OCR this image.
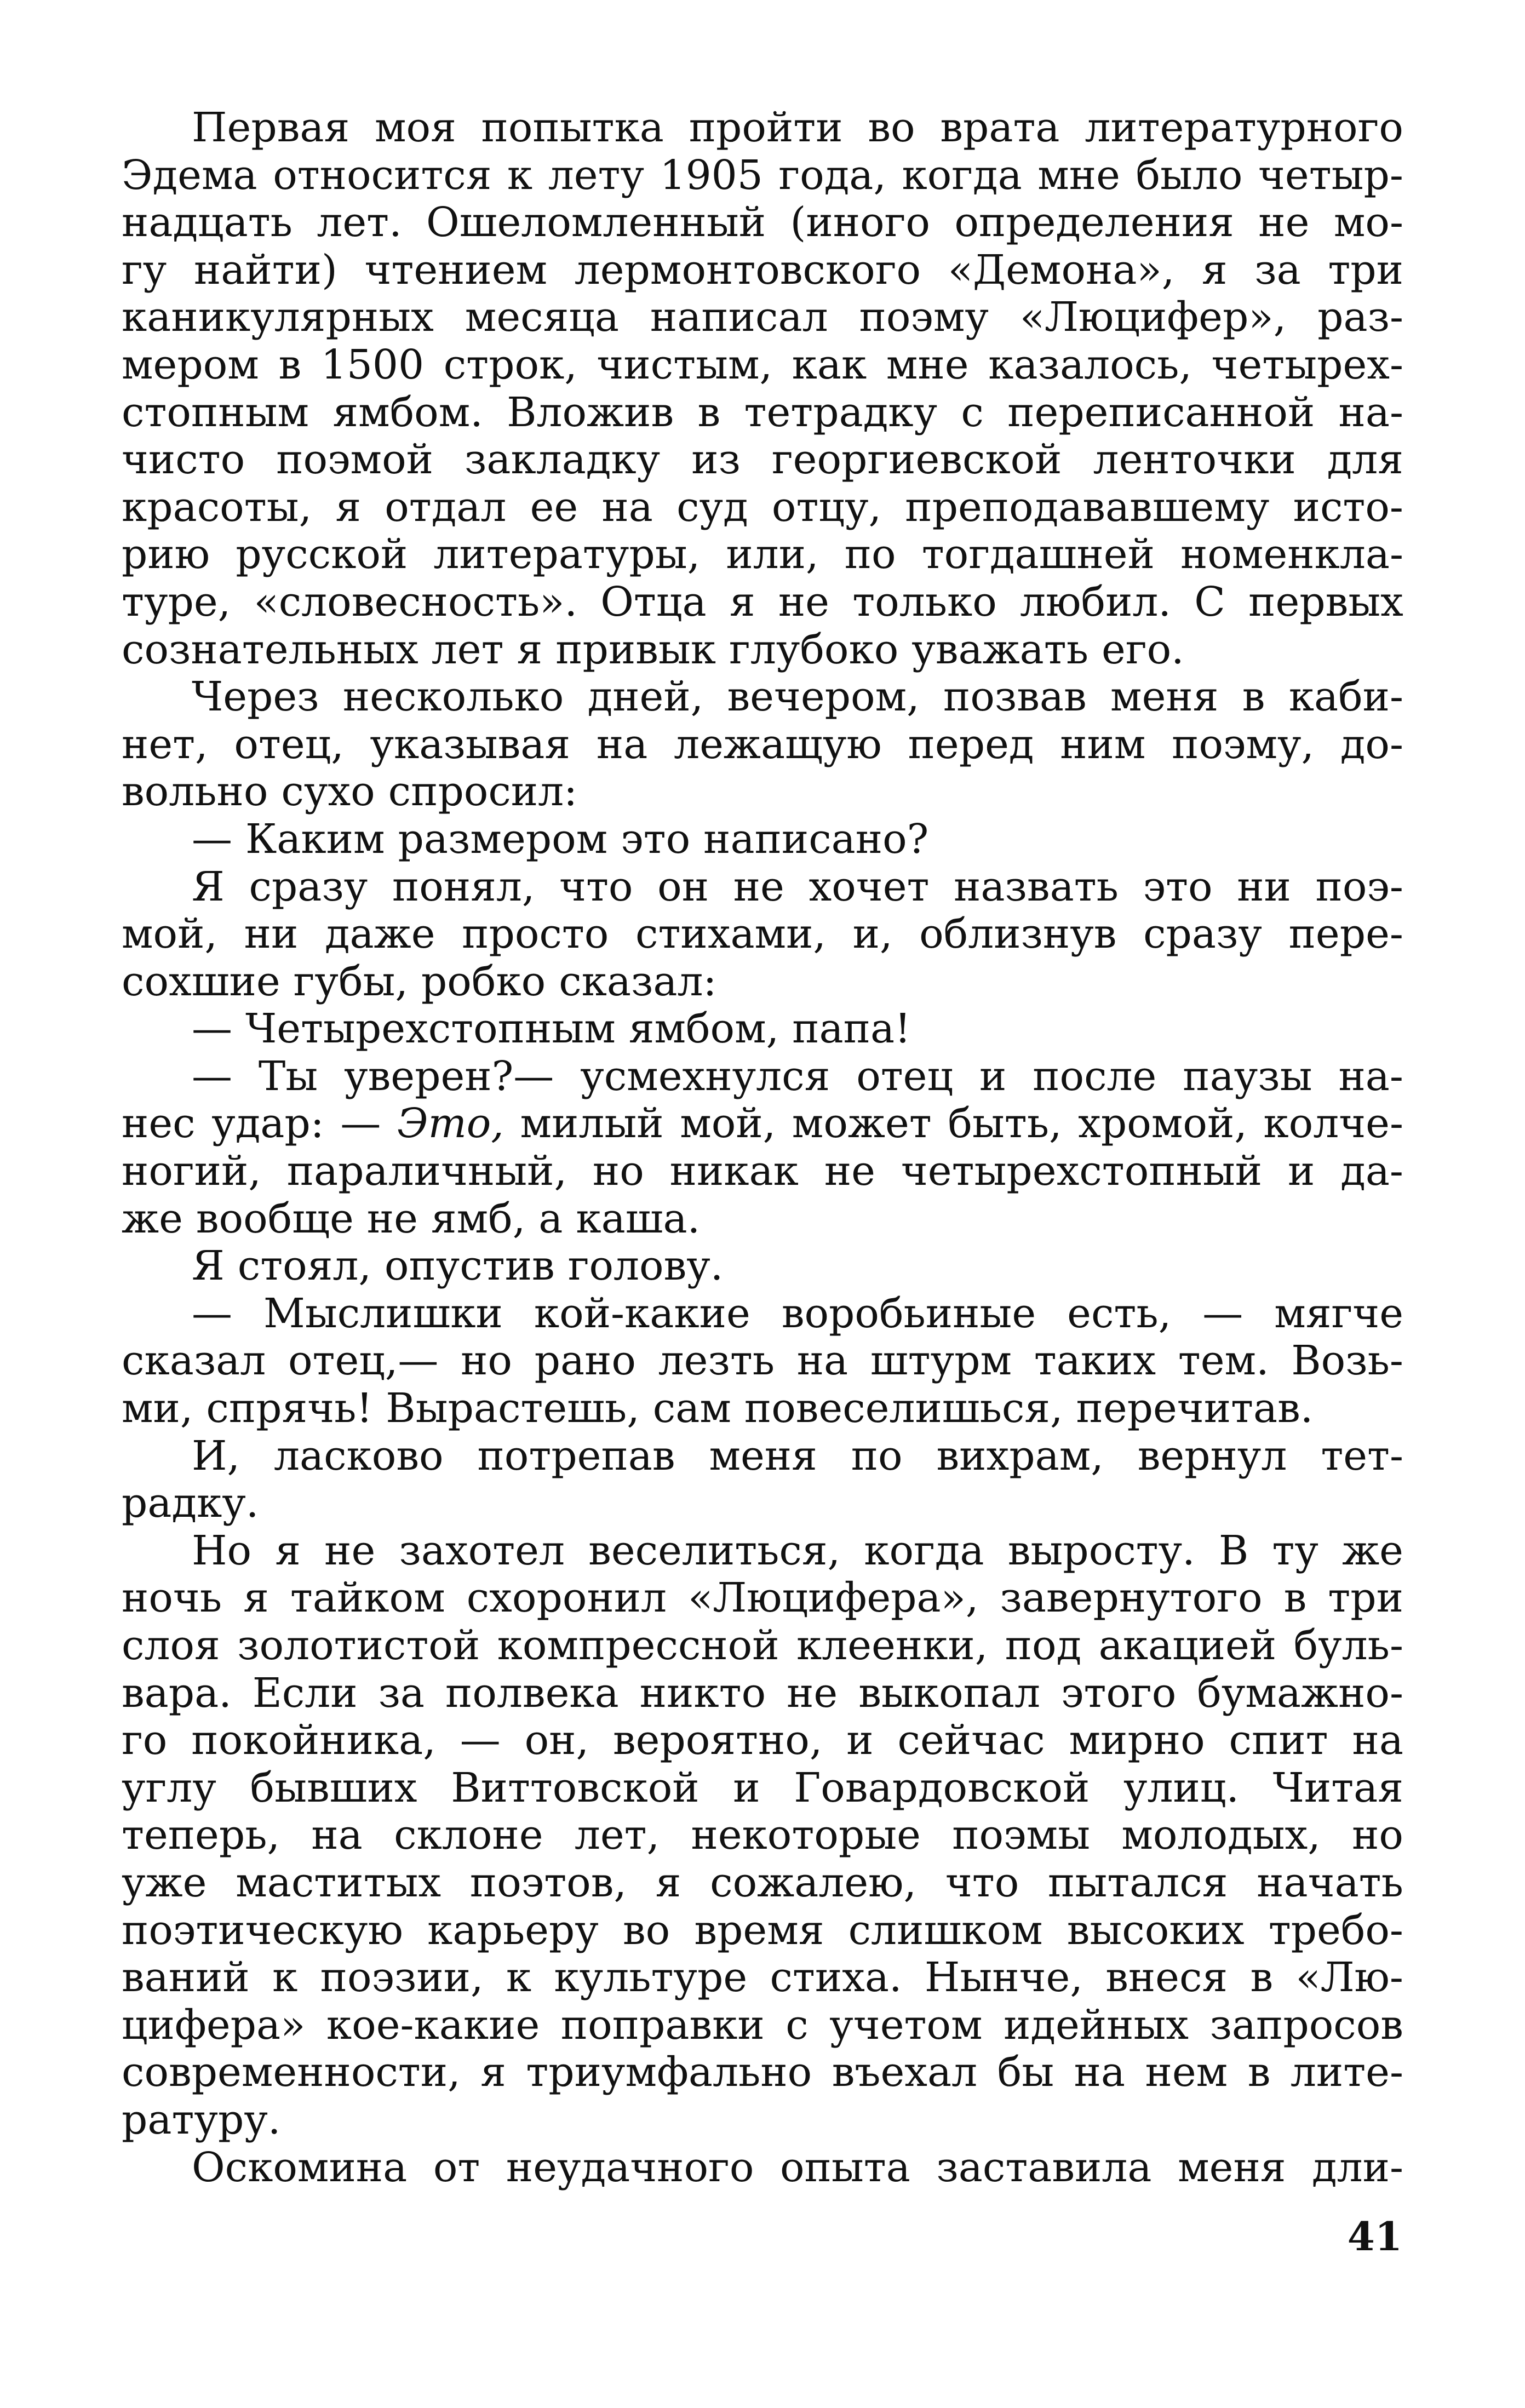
Первая моя попытка пройти во врата литературного
Эдема относится к лету 1905 года, когда мне было четыр-
надцать лет. Ошеломленный (иного определения не мо-
гу найти) чтением лермонтовского «Демона», я за три
каникулярных месяца написал поэму «Люцифер», раз-
мером в 1500 строк, чистым, как мне казалось, четырех-
стопным ямбом. Вложив в тетрадку с переписанной на-
чисто поэмой закладку из георгиевской ленточки для
красоты, я отдал ее на суд отцу, преподававшему исто-
рию русской литературы, или, по тогдашней номенкла-
туре, «словесность». Отца я не только любил. С первых
сознательных лет я привык глубоко уважать его.
Через несколько дней, вечером, позвав меня в каби-
нет, отец, указывая на лежащую перед ним поэму, до-
вольно сухо спросил:
— Каким размером это написано?
Я сразу понял, что он не хочет назвать это ни поэ-
мой, ни даже просто стихами, и, облизнув сразу пере-
сохшие губы, робко сказал:
— Четырехстопным ямбом, папа!
— Ты уверен?— усмехнулся отец и после паузы на-
нес удар: — Это, милый мой, может быть, хромой, колче-
ногий, параличный, но никак не четырехстопный и да-
же вообще не ямб, а каша.
Я стоял, опустив голову.
— Мыслишки кой-какие воробьиные есть, — мягче
сказал отец,— но рано лезть на штурм таких тем. Возь-
ми, спрячь! Вырастешь, сам повеселишься, перечитав.
И, ласково потрепав меня по вихрам, вернул тет-
радку.
Но я не захотел веселиться, когда выросту. В ту же
ночь я тайком схоронил «Люцифера», завернутого в три
слоя золотистой компрессной клеенки, под акацией буль-
вара. Если за полвека никто не выкопал этого бумажно-
го покойника, — он, вероятно, и сейчас мирно спит на
углу бывших Виттовской и Говардовской улиц. Читая
теперь, на склоне лет, некоторые поэмы молодых, но
уже маститых поэтов, я сожалею, что пытался начать
поэтическую карьеру во время слишком высоких требо-
ваний к поэзии, к культуре стиха. Нынче, внеся в «Лю-
цифера» кое-какие поправки с учетом идейных запросов
современности, я триумфально въехал бы на нем в лите-
ратуру.
Оскомина от неудачного опыта заставила меня дли-
41
